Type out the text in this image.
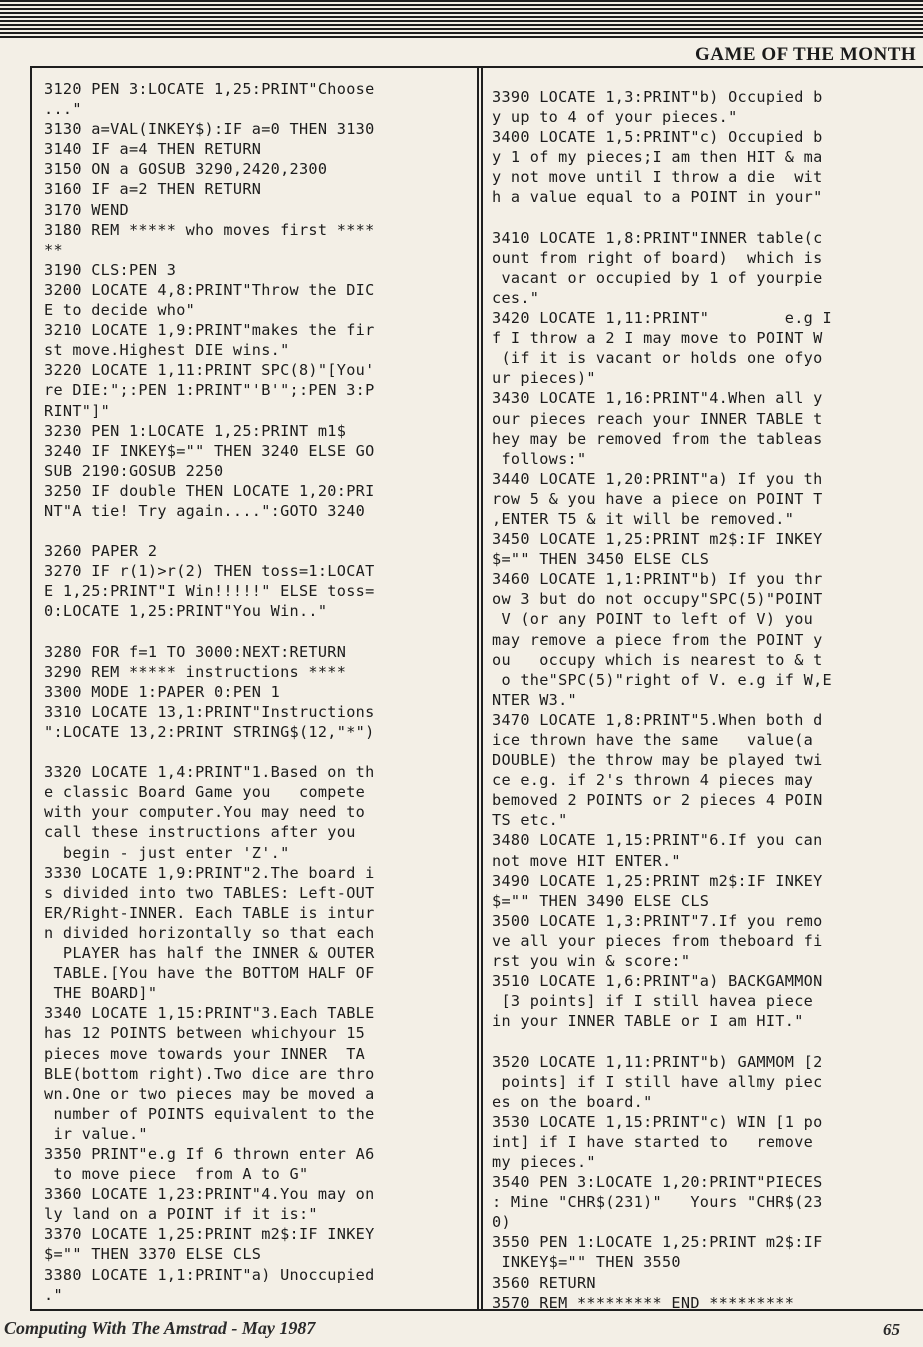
GAME OF THE MONTH
3120 PEN 3:LOCATE 1,25:PRINT"Choose
..."
3130 a=VAL(INKEY$):IF a=0 THEN 3130
3140 IF a=4 THEN RETURN
3150 ON a GOSUB 3290,2420,2300
3160 IF a=2 THEN RETURN
3170 WEND
3180 REM ***** who moves first ****
**
3190 CLS:PEN 3
3200 LOCATE 4,8:PRINT"Throw the DIC
E to decide who"
3210 LOCATE 1,9:PRINT"makes the fir
st move.Highest DIE wins."
3220 LOCATE 1,11:PRINT SPC(8)"[You'
re DIE:";:PEN 1:PRINT"'B'";:PEN 3:P
RINT"]"
3230 PEN 1:LOCATE 1,25:PRINT m1$
3240 IF INKEY$="" THEN 3240 ELSE GO
SUB 2190:GOSUB 2250
3250 IF double THEN LOCATE 1,20:PRI
NT"A tie! Try again....":GOTO 3240

3260 PAPER 2
3270 IF r(1)>r(2) THEN toss=1:LOCAT
E 1,25:PRINT"I Win!!!!!" ELSE toss=
0:LOCATE 1,25:PRINT"You Win.."

3280 FOR f=1 TO 3000:NEXT:RETURN
3290 REM ***** instructions ****
3300 MODE 1:PAPER 0:PEN 1
3310 LOCATE 13,1:PRINT"Instructions
":LOCATE 13,2:PRINT STRING$(12,"*")

3320 LOCATE 1,4:PRINT"1.Based on th
e classic Board Game you   compete
with your computer.You may need to
call these instructions after you
begin - just enter 'Z'."
3330 LOCATE 1,9:PRINT"2.The board i
s divided into two TABLES: Left-OUT
ER/Right-INNER. Each TABLE is intur
n divided horizontally so that each
PLAYER has half the INNER & OUTER
TABLE.[You have the BOTTOM HALF OF
THE BOARD]"
3340 LOCATE 1,15:PRINT"3.Each TABLE
has 12 POINTS between whichyour 15
pieces move towards your INNER  TA
BLE(bottom right).Two dice are thro
wn.One or two pieces may be moved a
number of POINTS equivalent to the
ir value."
3350 PRINT"e.g If 6 thrown enter A6
to move piece  from A to G"
3360 LOCATE 1,23:PRINT"4.You may on
ly land on a POINT if it is:"
3370 LOCATE 1,25:PRINT m2$:IF INKEY
$="" THEN 3370 ELSE CLS
3380 LOCATE 1,1:PRINT"a) Unoccupied
."
3390 LOCATE 1,3:PRINT"b) Occupied b
y up to 4 of your pieces."
3400 LOCATE 1,5:PRINT"c) Occupied b
y 1 of my pieces;I am then HIT & ma
y not move until I throw a die  wit
h a value equal to a POINT in your"

3410 LOCATE 1,8:PRINT"INNER table(c
ount from right of board)  which is
vacant or occupied by 1 of yourpie
ces."
3420 LOCATE 1,11:PRINT"        e.g I
f I throw a 2 I may move to POINT W
(if it is vacant or holds one ofyo
ur pieces)"
3430 LOCATE 1,16:PRINT"4.When all y
our pieces reach your INNER TABLE t
hey may be removed from the tableas
follows:"
3440 LOCATE 1,20:PRINT"a) If you th
row 5 & you have a piece on POINT T
,ENTER T5 & it will be removed."
3450 LOCATE 1,25:PRINT m2$:IF INKEY
$="" THEN 3450 ELSE CLS
3460 LOCATE 1,1:PRINT"b) If you thr
ow 3 but do not occupy"SPC(5)"POINT
V (or any POINT to left of V) you
may remove a piece from the POINT y
ou   occupy which is nearest to & t
o the"SPC(5)"right of V. e.g if W,E
NTER W3."
3470 LOCATE 1,8:PRINT"5.When both d
ice thrown have the same   value(a
DOUBLE) the throw may be played twi
ce e.g. if 2's thrown 4 pieces may
bemoved 2 POINTS or 2 pieces 4 POIN
TS etc."
3480 LOCATE 1,15:PRINT"6.If you can
not move HIT ENTER."
3490 LOCATE 1,25:PRINT m2$:IF INKEY
$="" THEN 3490 ELSE CLS
3500 LOCATE 1,3:PRINT"7.If you remo
ve all your pieces from theboard fi
rst you win & score:"
3510 LOCATE 1,6:PRINT"a) BACKGAMMON
[3 points] if I still havea piece
in your INNER TABLE or I am HIT."

3520 LOCATE 1,11:PRINT"b) GAMMOM [2
points] if I still have allmy piec
es on the board."
3530 LOCATE 1,15:PRINT"c) WIN [1 po
int] if I have started to   remove
my pieces."
3540 PEN 3:LOCATE 1,20:PRINT"PIECES
: Mine "CHR$(231)"   Yours "CHR$(23
0)
3550 PEN 1:LOCATE 1,25:PRINT m2$:IF
INKEY$="" THEN 3550
3560 RETURN
3570 REM ********* END *********
Computing With The Amstrad - May 1987	65
